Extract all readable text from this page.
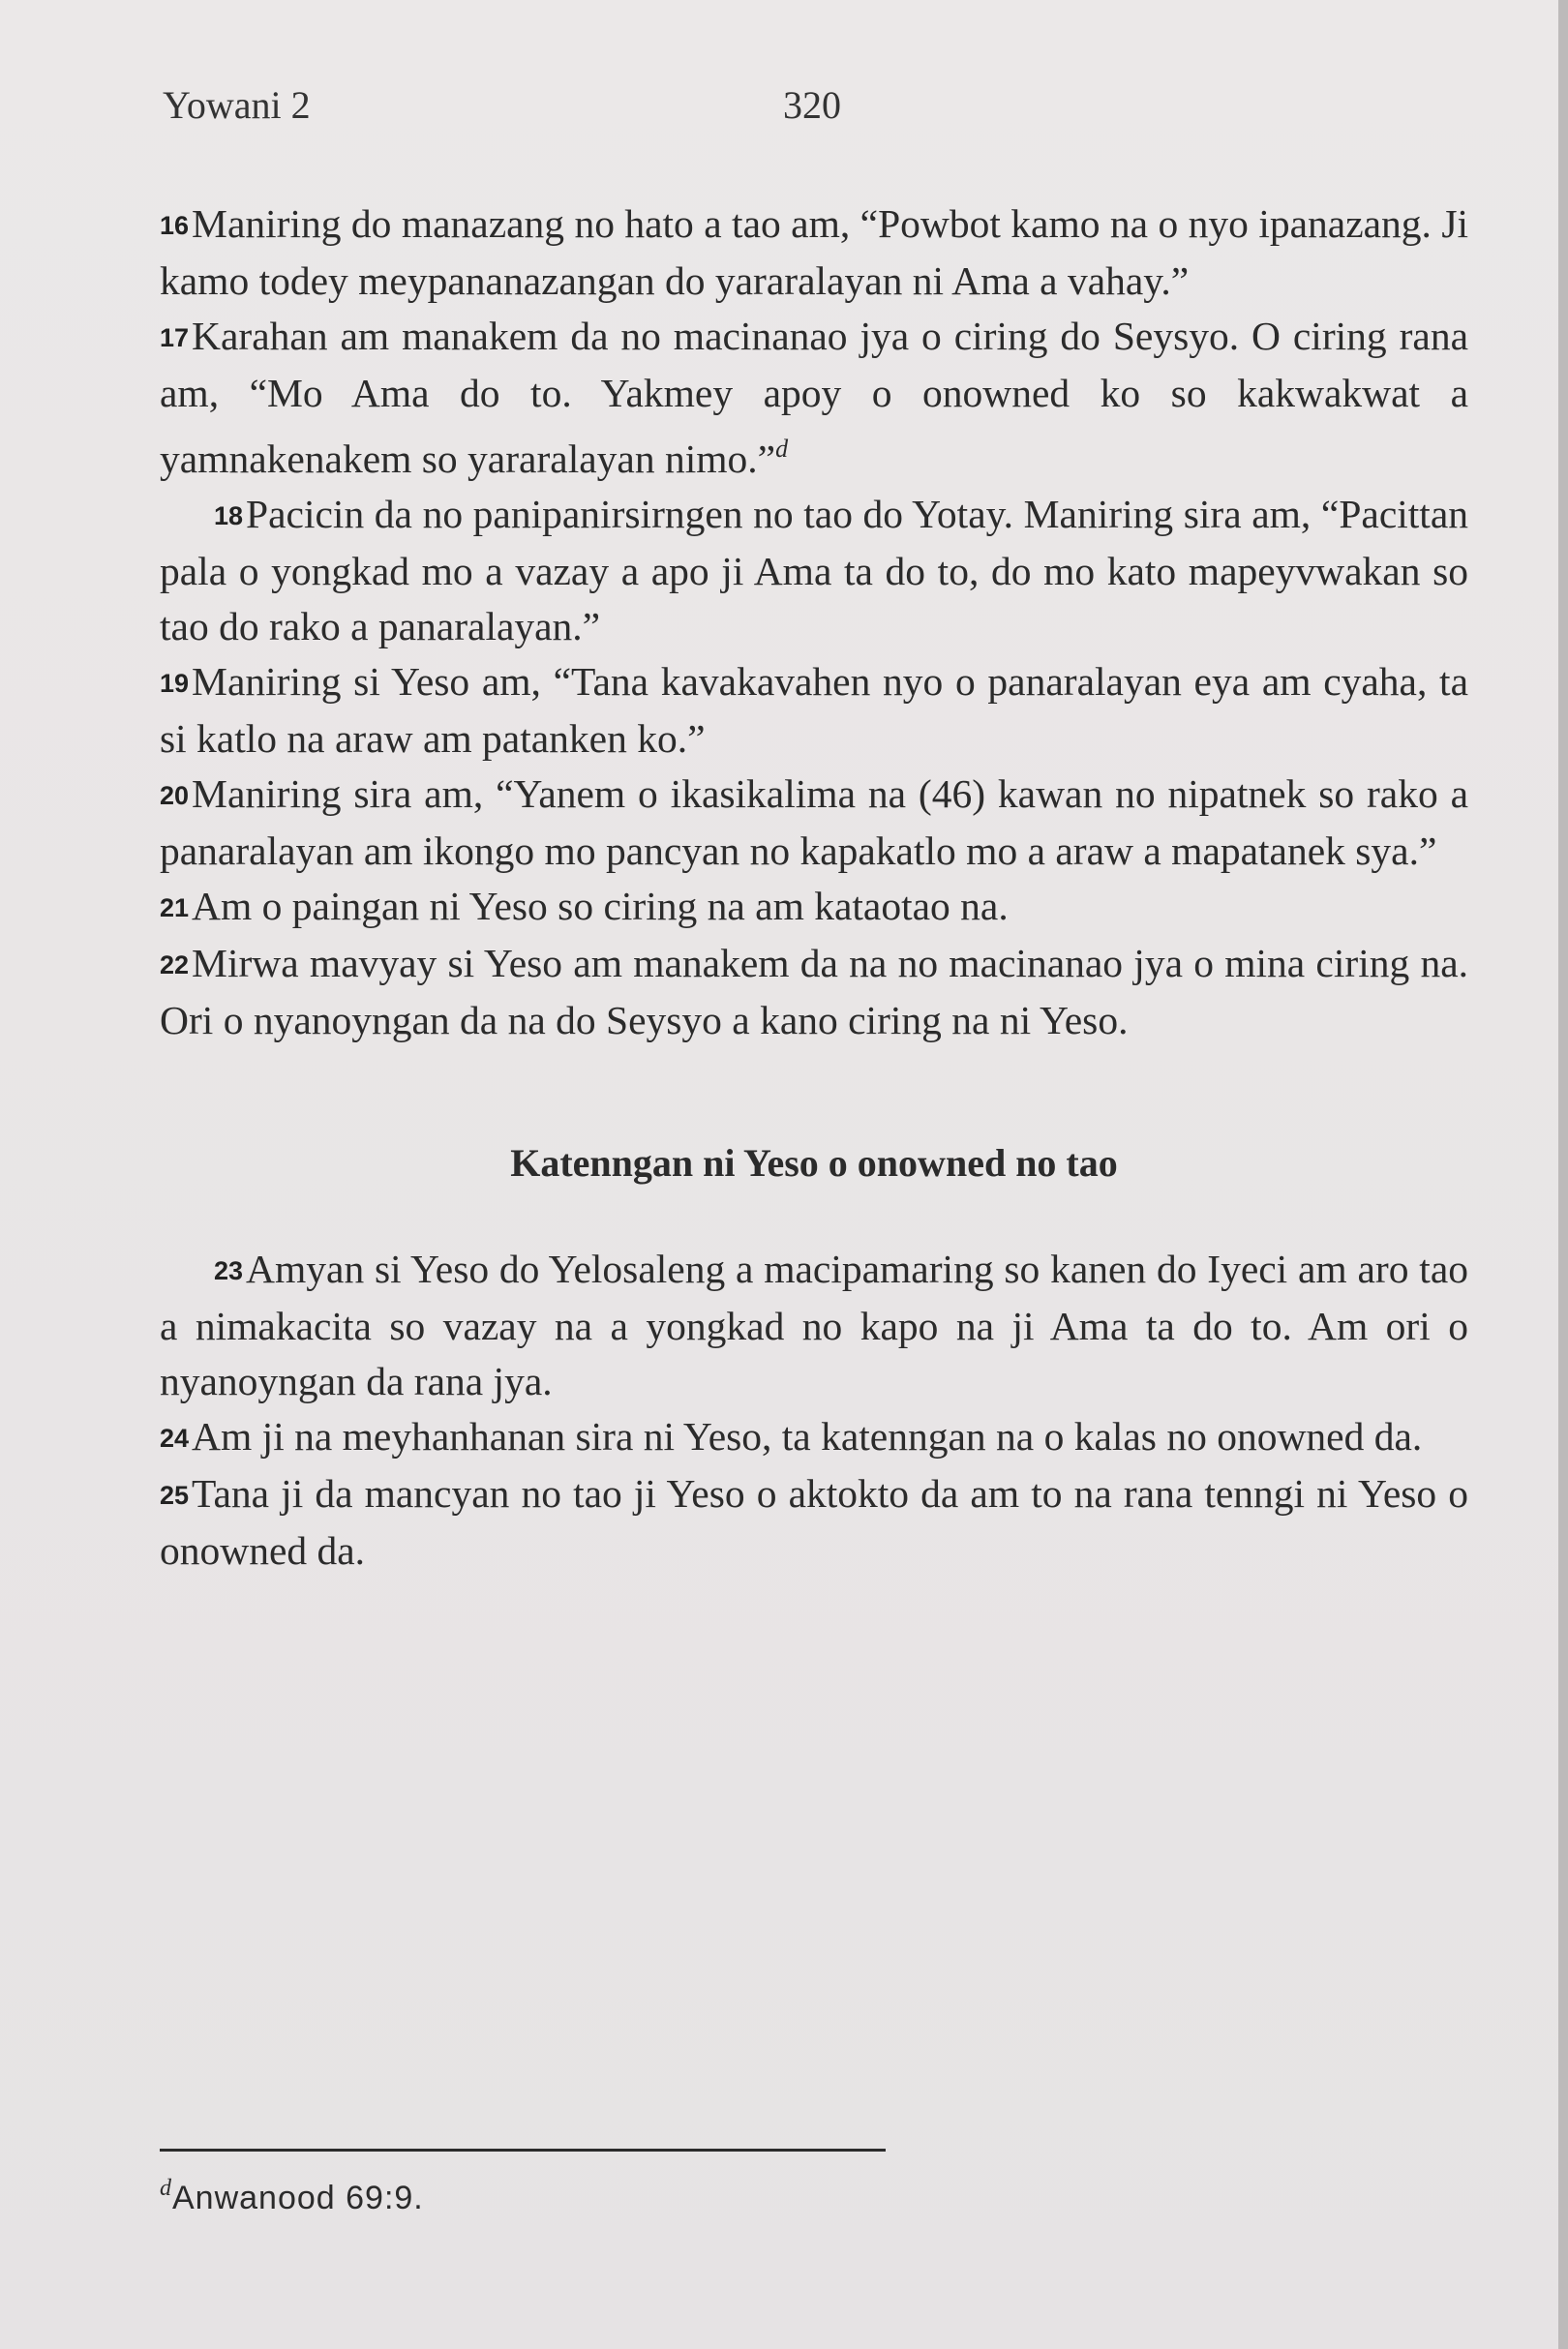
Yowani 2	320

16Maniring do manazang no hato a tao am, “Powbot kamo na o nyo ipanazang. Ji kamo todey meypananazangan do yararalayan ni Ama a vahay.”

17Karahan am manakem da no macinanao jya o ciring do Seysyo. O ciring rana am, “Mo Ama do to. Yakmey apoy o onowned ko so kakwakwat a yamnakenakem so yararalayan nimo.”$^d$

18Pacicin da no panipanirsirngen no tao do Yotay. Maniring sira am, “Pacittan pala o yongkad mo a vazay a apo ji Ama ta do to, do mo kato mapeyvwakan so tao do rako a panaralayan.”

19Maniring si Yeso am, “Tana kavakavahen nyo o panaralayan eya am cyaha, ta si katlo na araw am patanken ko.”

20Maniring sira am, “Yanem o ikasikalima na (46) kawan no nipatnek so rako a panaralayan am ikongo mo pancyan no kapakatlo mo a araw a mapatanek sya.”

21Am o paingan ni Yeso so ciring na am kataotao na.

22Mirwa mavyay si Yeso am manakem da na no macinanao jya o mina ciring na. Ori o nyanoyngan da na do Seysyo a kano ciring na ni Yeso.

Katenngan ni Yeso o onowned no tao

23Amyan si Yeso do Yelosaleng a macipamaring so kanen do Iyeci am aro tao a nimakacita so vazay na a yongkad no kapo na ji Ama ta do to. Am ori o nyanoyngan da rana jya.

24Am ji na meyhanhanan sira ni Yeso, ta katenngan na o kalas no onowned da.

25Tana ji da mancyan no tao ji Yeso o aktokto da am to na rana tenngi ni Yeso o onowned da.

$^d$Anwanood 69:9.
